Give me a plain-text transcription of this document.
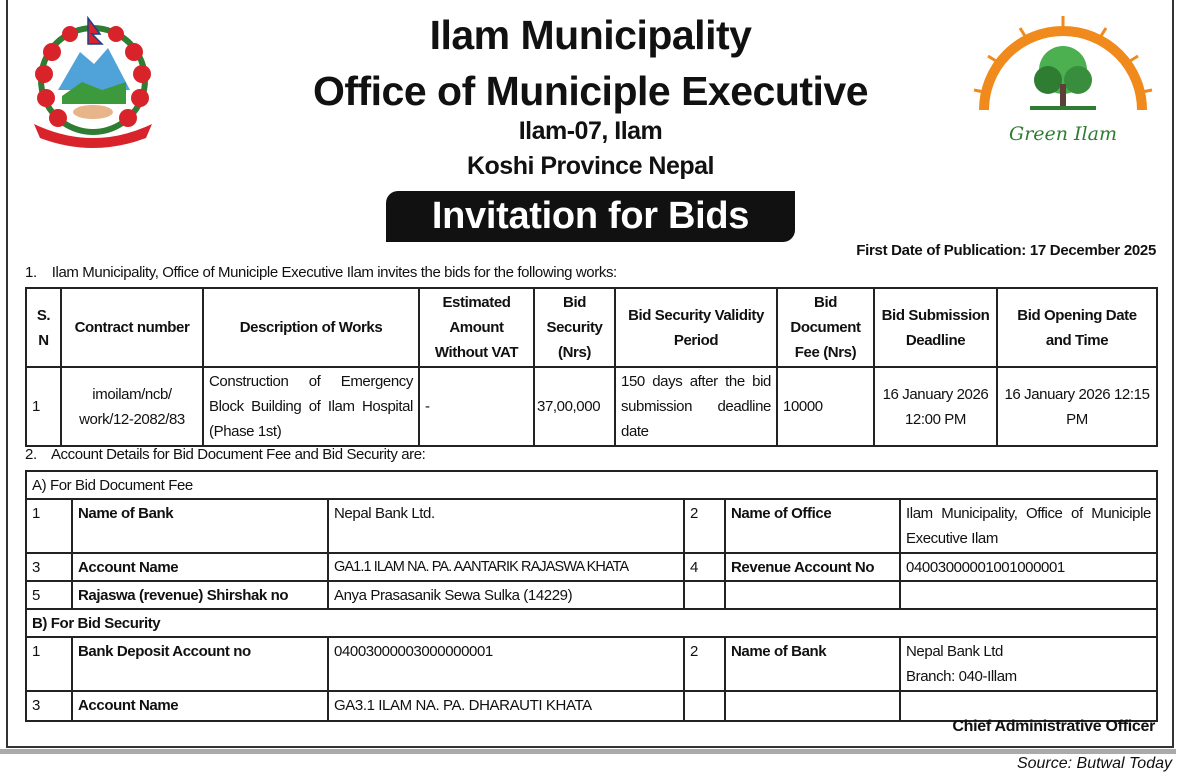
Green Ilam
Ilam Municipality
Office of Municiple Executive
Ilam-07, Ilam
Koshi Province Nepal
Invitation for Bids
First Date of Publication: 17 December 2025
1.    Ilam Municipality, Office of Municiple Executive Ilam invites the bids for the following works:
S. N	Contract number	Description of Works	Estimated Amount Without VAT	Bid Security (Nrs)	Bid Security Validity Period	Bid Document Fee (Nrs)	Bid Submission Deadline	Bid Opening Date and Time
1	imoilam/ncb/ work/12-2082/83	Construction of Emergency Block Building of Ilam Hospital (Phase 1st)	-	37,00,000	150 days after the bid submission deadline date	10000	16 January 2026 12:00 PM	16 January 2026 12:15 PM
2.    Account Details for Bid Document Fee and Bid Security are:
A) For Bid Document Fee					
1	Name of Bank	Nepal Bank Ltd.	2	Name of Office	Ilam Municipality, Office of Municiple Executive Ilam
3	Account Name	GA1.1 ILAM NA. PA. AANTARIK RAJASWA KHATA	4	Revenue Account No	04003000001001000001
5	Rajaswa (revenue) Shirshak no	Anya Prasasanik Sewa Sulka (14229)			
B) For Bid Security					
1	Bank Deposit Account no	04003000003000000001	2	Name of Bank	Nepal Bank Ltd
Branch: 040-Illam

3	Account Name	GA3.1 ILAM NA. PA. DHARAUTI KHATA			
Chief Administrative Officer
Source: Butwal Today
